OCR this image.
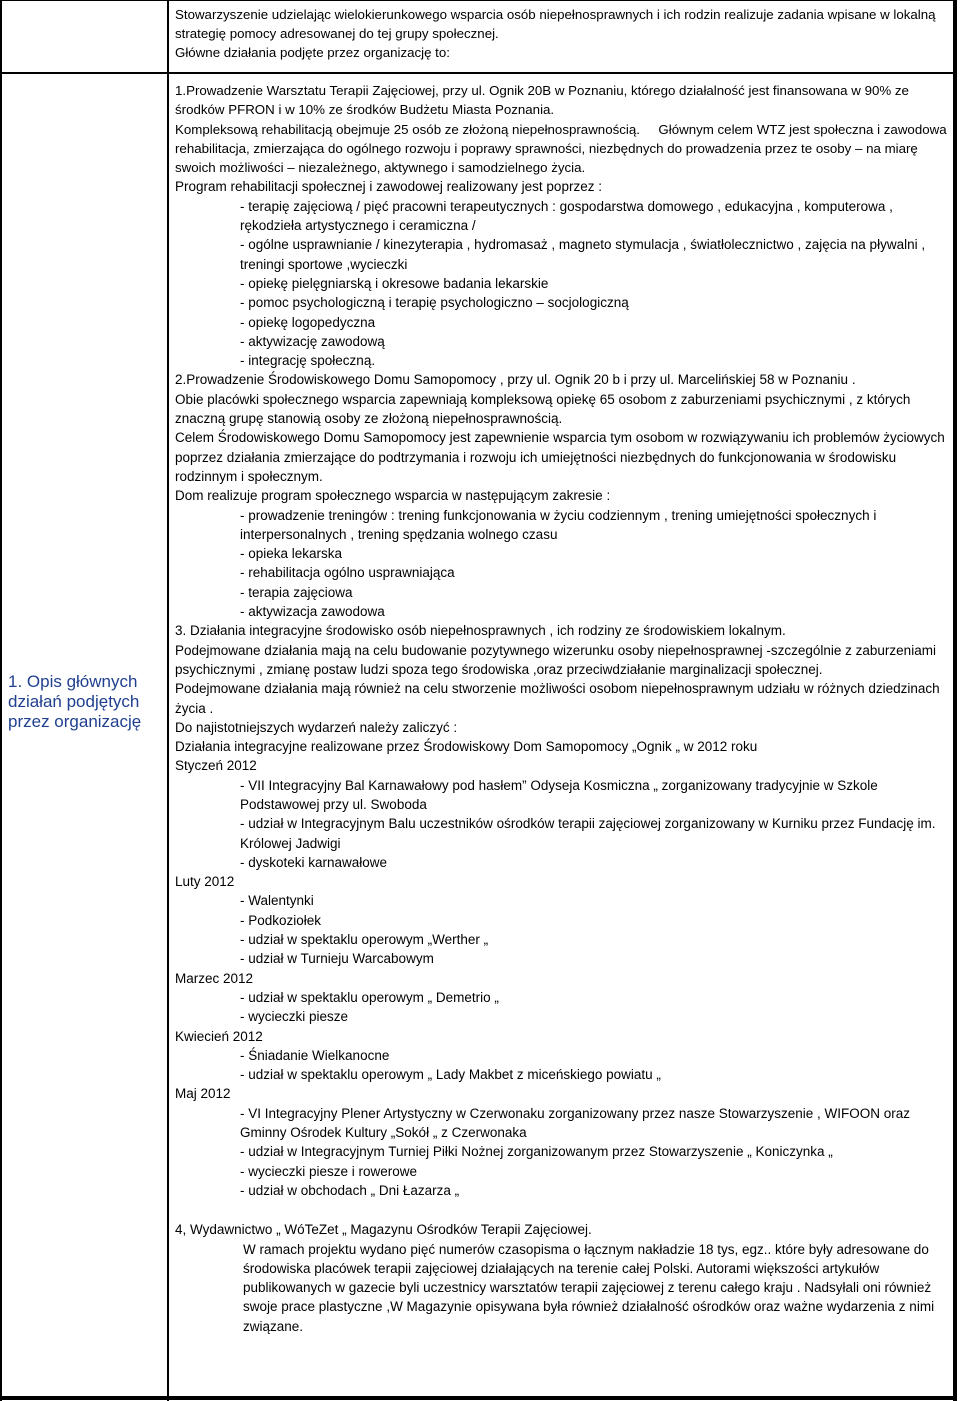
Stowarzyszenie udzielając wielokierunkowego wsparcia osób niepełnosprawnych i ich rodzin realizuje zadania wpisane w lokalną strategię pomocy adresowanej do tej grupy społecznej.
Główne działania podjęte przez organizację to:
1. Opis głównych działań podjętych przez organizację

1.Prowadzenie Warsztatu Terapii Zajęciowej, przy ul. Ognik 20B w Poznaniu, którego działalność jest finansowana w 90% ze środków PFRON i w 10% ze środków Budżetu Miasta Poznania.

Kompleksową rehabilitacją obejmuje 25 osób ze złożoną niepełnosprawnością. Głównym celem WTZ jest społeczna i zawodowa rehabilitacja, zmierzająca do ogólnego rozwoju i poprawy sprawności, niezbędnych do prowadzenia przez te osoby – na miarę swoich możliwości – niezależnego, aktywnego i samodzielnego życia.

Program rehabilitacji społecznej i zawodowej realizowany jest poprzez :

- terapię zajęciową / pięć pracowni terapeutycznych : gospodarstwa domowego , edukacyjna , komputerowa , rękodzieła artystycznego i ceramiczna /

- ogólne usprawnianie / kinezyterapia , hydromasaż , magneto stymulacja , światłolecznictwo , zajęcia na pływalni , treningi sportowe ,wycieczki

- opiekę pielęgniarską i okresowe badania lekarskie

- pomoc psychologiczną i terapię psychologiczno – socjologiczną

- opiekę logopedyczna

- aktywizację zawodową

- integrację społeczną.

2.Prowadzenie Środowiskowego Domu Samopomocy , przy ul. Ognik 20 b i przy ul. Marcelińskiej 58 w Poznaniu .

Obie placówki społecznego wsparcia zapewniają kompleksową opiekę 65 osobom z zaburzeniami psychicznymi , z których znaczną grupę stanowią osoby ze złożoną niepełnosprawnością.

Celem Środowiskowego Domu Samopomocy jest zapewnienie wsparcia tym osobom w rozwiązywaniu ich problemów życiowych poprzez działania zmierzające do podtrzymania i rozwoju ich umiejętności niezbędnych do funkcjonowania w środowisku rodzinnym i społecznym.

Dom realizuje program społecznego wsparcia w następującym zakresie :

- prowadzenie treningów : trening funkcjonowania w życiu codziennym , trening umiejętności społecznych i interpersonalnych , trening spędzania wolnego czasu

- opieka lekarska

- rehabilitacja ogólno usprawniająca

- terapia zajęciowa

- aktywizacja zawodowa

3. Działania integracyjne środowisko osób niepełnosprawnych , ich rodziny ze środowiskiem lokalnym.

Podejmowane działania mają na celu budowanie pozytywnego wizerunku osoby niepełnosprawnej -szczególnie z zaburzeniami psychicznymi , zmianę postaw ludzi spoza tego środowiska ,oraz przeciwdziałanie marginalizacji społecznej.

Podejmowane działania mają również na celu stworzenie możliwości osobom niepełnosprawnym udziału w różnych dziedzinach życia .

Do najistotniejszych wydarzeń należy zaliczyć :

Działania integracyjne realizowane przez Środowiskowy Dom Samopomocy „Ognik „ w 2012 roku

Styczeń 2012

- VII Integracyjny Bal Karnawałowy pod hasłem” Odyseja Kosmiczna „ zorganizowany tradycyjnie w Szkole Podstawowej przy ul. Swoboda

- udział w Integracyjnym Balu uczestników ośrodków terapii zajęciowej zorganizowany w Kurniku przez Fundację im. Królowej Jadwigi

- dyskoteki karnawałowe

Luty 2012

- Walentynki

- Podkoziołek

- udział w spektaklu operowym „Werther „

- udział w Turnieju Warcabowym

Marzec 2012

- udział w spektaklu operowym „ Demetrio „

- wycieczki piesze

Kwiecień 2012

- Śniadanie Wielkanocne

- udział w spektaklu operowym „ Lady Makbet z miceńskiego powiatu „

Maj 2012

- VI Integracyjny Plener Artystyczny w Czerwonaku zorganizowany przez nasze Stowarzyszenie , WIFOON oraz Gminny Ośrodek Kultury „Sokół „ z Czerwonaka

- udział w Integracyjnym Turniej Piłki Nożnej zorganizowanym przez Stowarzyszenie „ Koniczynka „

- wycieczki piesze i rowerowe

- udział w obchodach „ Dni Łazarza „

4, Wydawnictwo „ WóTeZet „ Magazynu Ośrodków Terapii Zajęciowej.

W ramach projektu wydano pięć numerów czasopisma o łącznym nakładzie 18 tys, egz.. które były adresowane do środowiska placówek terapii zajęciowej działających na terenie całej Polski. Autorami większości artykułów publikowanych w gazecie byli uczestnicy warsztatów terapii zajęciowej z terenu całego kraju . Nadsyłali oni również swoje prace plastyczne ,W Magazynie opisywana była również działalność ośrodków oraz ważne wydarzenia z nimi związane.
